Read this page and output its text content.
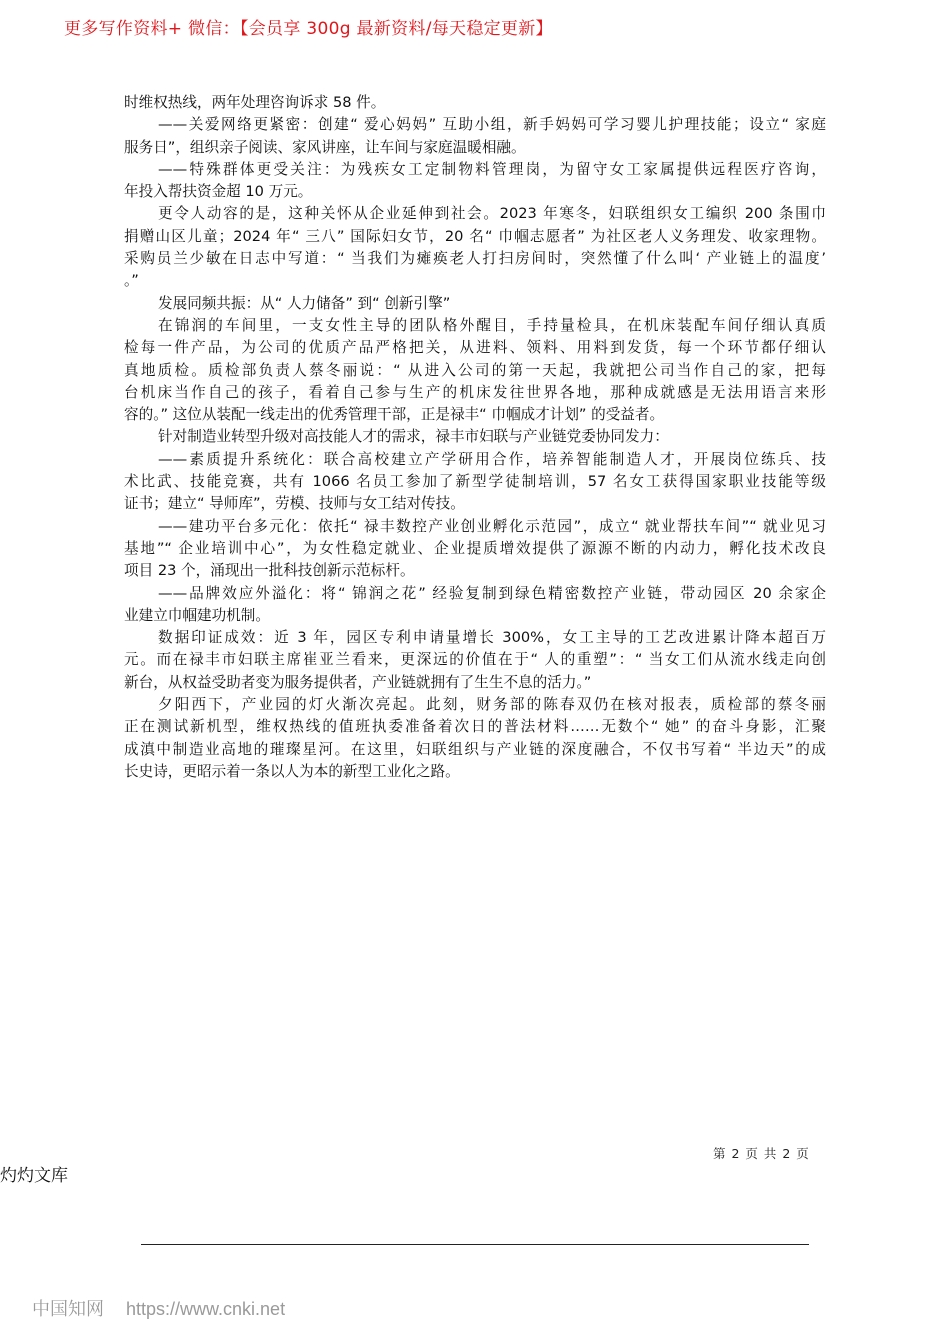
更多写作资料+ 微信：【会员享 300g 最新资料/每天稳定更新】
时维权热线，两年处理咨询诉求 58 件。
——关爱网络更紧密：创建“ 爱心妈妈” 互助小组，新手妈妈可学习婴儿护理技能；设立“ 家庭
服务日”，组织亲子阅读、家风讲座，让车间与家庭温暖相融。
——特殊群体更受关注：为残疾女工定制物料管理岗，为留守女工家属提供远程医疗咨询，
年投入帮扶资金超 10 万元。
更令人动容的是，这种关怀从企业延伸到社会。2023 年寒冬，妇联组织女工编织 200 条围巾
捐赠山区儿童；2024 年“ 三八” 国际妇女节，20 名“ 巾帼志愿者” 为社区老人义务理发、收家理物。
采购员兰少敏在日志中写道：“ 当我们为瘫痪老人打扫房间时，突然懂了什么叫‘ 产业链上的温度’
。”
发展同频共振：从“ 人力储备” 到“ 创新引擎”
在锦润的车间里，一支女性主导的团队格外醒目，手持量检具，在机床装配车间仔细认真质
检每一件产品，为公司的优质产品严格把关，从进料、领料、用料到发货，每一个环节都仔细认
真地质检。质检部负责人蔡冬丽说：“ 从进入公司的第一天起，我就把公司当作自己的家，把每
台机床当作自己的孩子，看着自己参与生产的机床发往世界各地，那种成就感是无法用语言来形
容的。” 这位从装配一线走出的优秀管理干部，正是禄丰“ 巾帼成才计划” 的受益者。
针对制造业转型升级对高技能人才的需求，禄丰市妇联与产业链党委协同发力：
——素质提升系统化：联合高校建立产学研用合作，培养智能制造人才，开展岗位练兵、技
术比武、技能竞赛，共有 1066 名员工参加了新型学徒制培训，57 名女工获得国家职业技能等级
证书；建立“ 导师库”，劳模、技师与女工结对传技。
——建功平台多元化：依托“ 禄丰数控产业创业孵化示范园”，成立“ 就业帮扶车间”“ 就业见习
基地”“ 企业培训中心”，为女性稳定就业、企业提质增效提供了源源不断的内动力，孵化技术改良
项目 23 个，涌现出一批科技创新示范标杆。
——品牌效应外溢化：将“ 锦润之花” 经验复制到绿色精密数控产业链，带动园区 20 余家企
业建立巾帼建功机制。
数据印证成效：近 3 年，园区专利申请量增长 300%，女工主导的工艺改进累计降本超百万
元。而在禄丰市妇联主席崔亚兰看来，更深远的价值在于“ 人的重塑”：“ 当女工们从流水线走向创
新台，从权益受助者变为服务提供者，产业链就拥有了生生不息的活力。”
夕阳西下，产业园的灯火渐次亮起。此刻，财务部的陈春双仍在核对报表，质检部的蔡冬丽
正在测试新机型，维权热线的值班执委准备着次日的普法材料……无数个“ 她” 的奋斗身影，汇聚
成滇中制造业高地的璀璨星河。在这里，妇联组织与产业链的深度融合，不仅书写着“ 半边天”的成
长史诗，更昭示着一条以人为本的新型工业化之路。
第 2 页 共 2 页
灼灼文库
中国知网 https://www.cnki.net
